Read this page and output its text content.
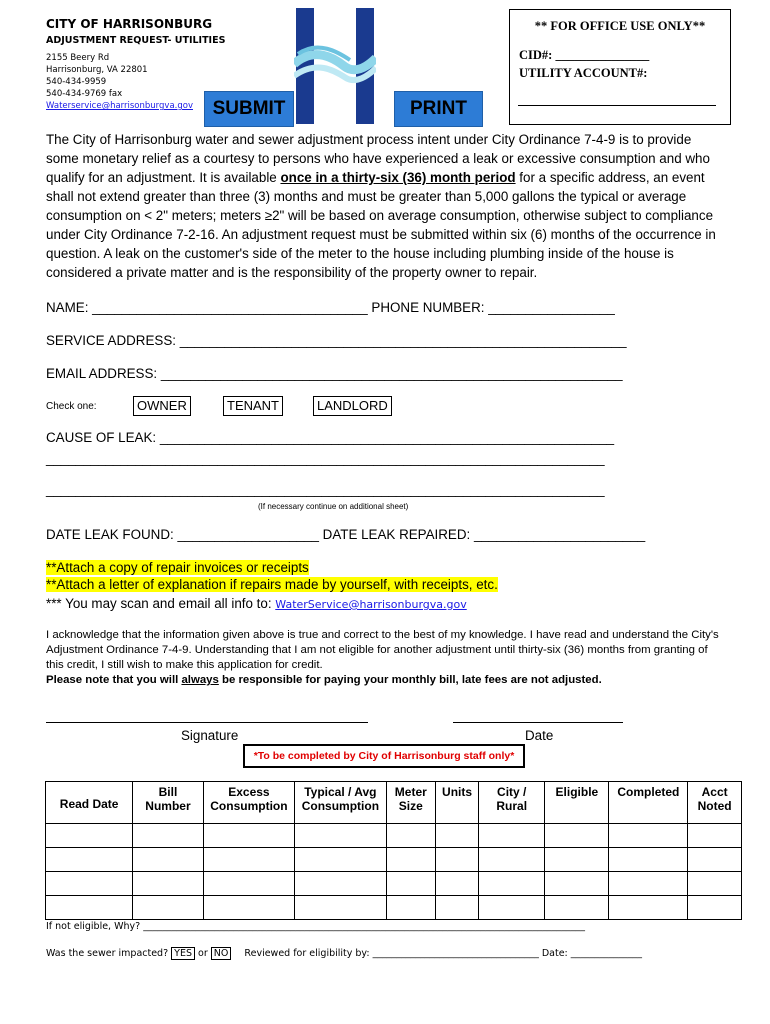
CITY OF HARRISONBURG
ADJUSTMENT REQUEST- UTILITIES
2155 Beery Rd
Harrisonburg, VA 22801
540-434-9959
540-434-9769 fax
Waterservice@harrisonburgva.gov	SUBMIT	PRINT
** FOR OFFICE USE ONLY**
CID#: _______________
UTILITY ACCOUNT#:
The City of Harrisonburg water and sewer adjustment process intent under City Ordinance 7-4-9 is to provide some monetary relief as a courtesy to persons who have experienced a leak or excessive consumption and who qualify for an adjustment. It is available once in a thirty-six (36) month period for a specific address, an event shall not extend greater than three (3) months and must be greater than 5,000 gallons the typical or average consumption on < 2" meters; meters ≥2" will be based on average consumption, otherwise subject to compliance under City Ordinance 7-2-16. An adjustment request must be submitted within six (6) months of the occurrence in question. A leak on the customer's side of the meter to the house including plumbing inside of the house is considered a private matter and is the responsibility of the property owner to repair.
NAME: _____________________________________ PHONE NUMBER: _________________
SERVICE ADDRESS: ____________________________________________________________
EMAIL ADDRESS: ______________________________________________________________
Check one:	OWNER	TENANT	LANDLORD
CAUSE OF LEAK: _____________________________________________________________
___________________________________________________________________________
___________________________________________________________________________
(If necessary continue on additional sheet)
DATE LEAK FOUND: ___________________ DATE LEAK REPAIRED: _______________________
**Attach a copy of repair invoices or receipts
**Attach a letter of explanation if repairs made by yourself, with receipts, etc.
*** You may scan and email all info to: WaterService@harrisonburgva.gov
I acknowledge that the information given above is true and correct to the best of my knowledge. I have read and understand the City's Adjustment Ordinance 7-4-9. Understanding that I am not eligible for another adjustment until thirty-six (36) months from granting of this credit, I still wish to make this application for credit.
Please note that you will always be responsible for paying your monthly bill, late fees are not adjusted.
Signature	Date
*To be completed by City of Harrisonburg staff only*
Read Date	Bill Number	Excess Consumption	Typical / Avg Consumption	Meter Size	Units	City / Rural	Eligible	Completed	Acct Noted

If not eligible, Why? _____________________________________________________________________________________________
Was the sewer impacted? YES or NO Reviewed for eligibility by: ___________________________________ Date: _______________
